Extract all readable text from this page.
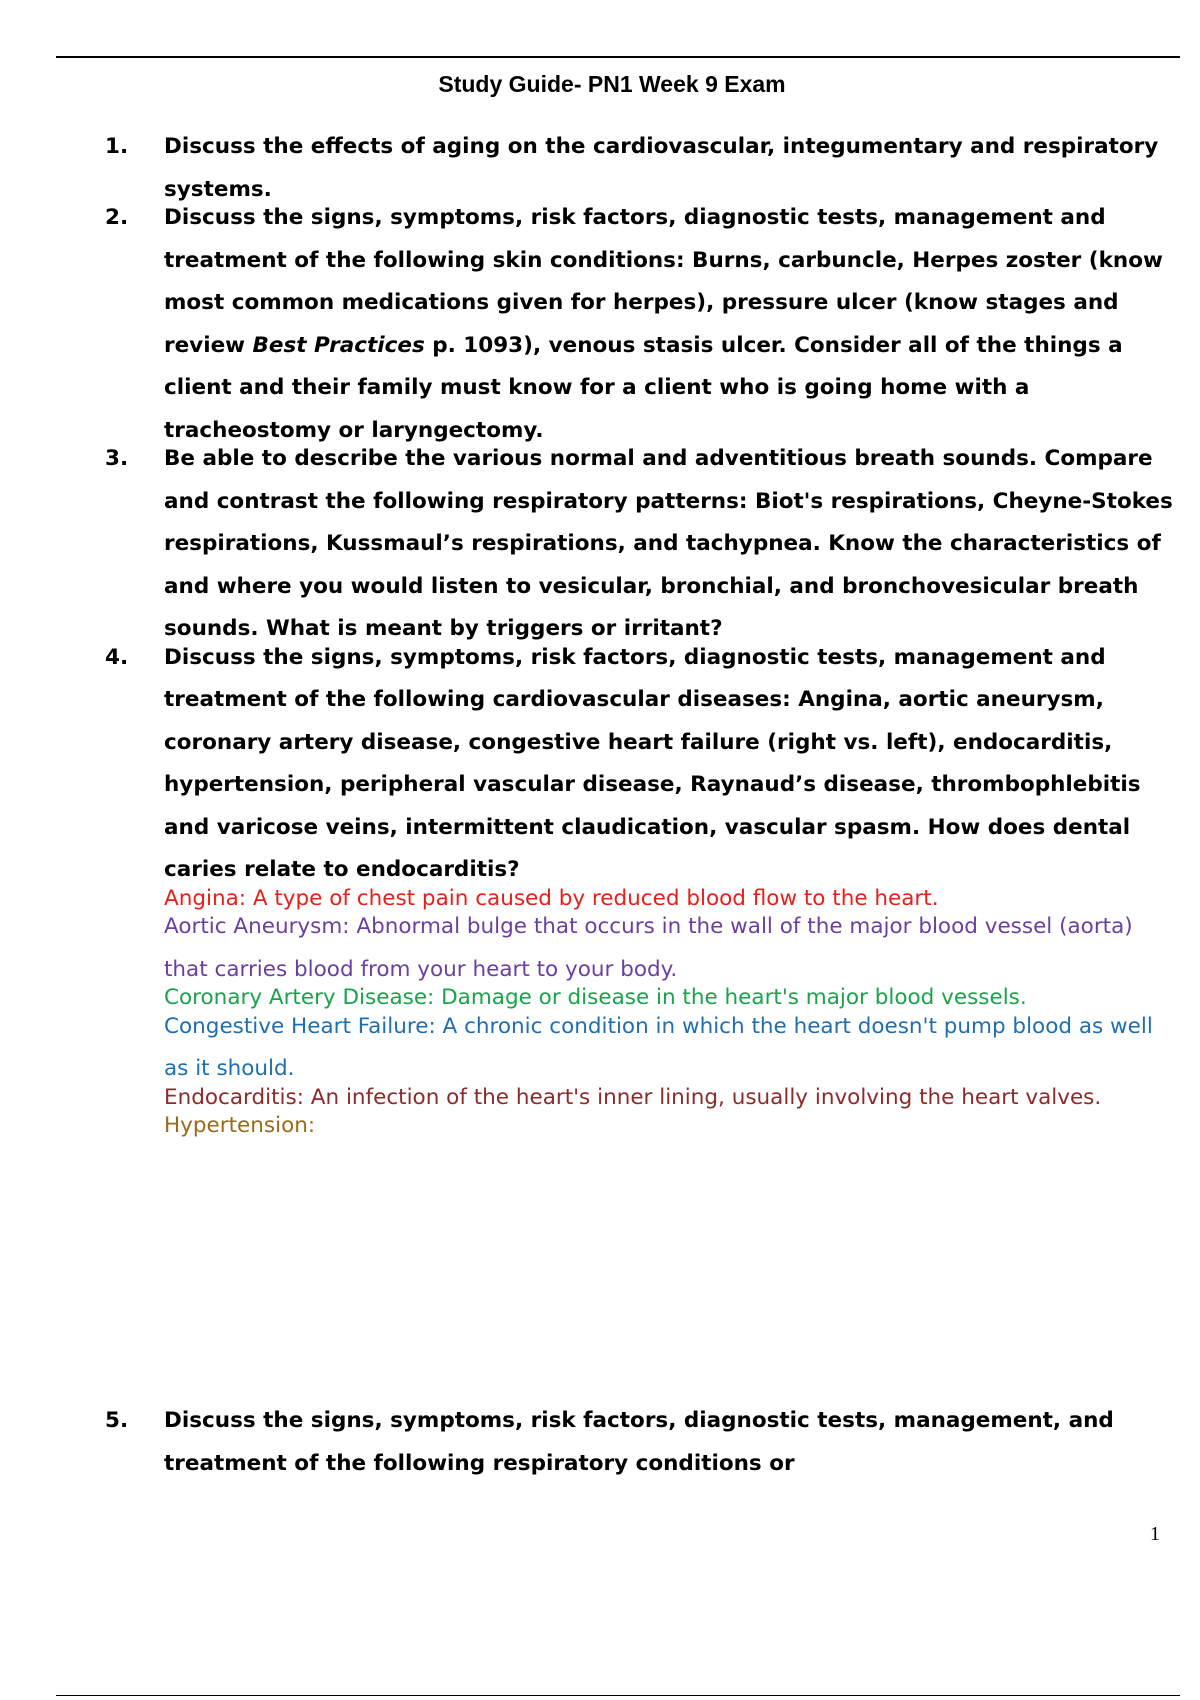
Study Guide- PN1 Week 9 Exam
1. Discuss the effects of aging on the cardiovascular, integumentary and respiratory systems.
2. Discuss the signs, symptoms, risk factors, diagnostic tests, management and treatment of the following skin conditions: Burns, carbuncle, Herpes zoster (know most common medications given for herpes), pressure ulcer (know stages and review Best Practices p. 1093), venous stasis ulcer. Consider all of the things a client and their family must know for a client who is going home with a tracheostomy or laryngectomy.
3. Be able to describe the various normal and adventitious breath sounds. Compare and contrast the following respiratory patterns: Biot's respirations, Cheyne-Stokes respirations, Kussmaul’s respirations, and tachypnea. Know the characteristics of and where you would listen to vesicular, bronchial, and bronchovesicular breath sounds. What is meant by triggers or irritant?
4. Discuss the signs, symptoms, risk factors, diagnostic tests, management and treatment of the following cardiovascular diseases: Angina, aortic aneurysm, coronary artery disease, congestive heart failure (right vs. left), endocarditis, hypertension, peripheral vascular disease, Raynaud’s disease, thrombophlebitis and varicose veins, intermittent claudication, vascular spasm. How does dental caries relate to endocarditis?
Angina: A type of chest pain caused by reduced blood flow to the heart.
Aortic Aneurysm: Abnormal bulge that occurs in the wall of the major blood vessel (aorta) that carries blood from your heart to your body.
Coronary Artery Disease: Damage or disease in the heart's major blood vessels.
Congestive Heart Failure: A chronic condition in which the heart doesn't pump blood as well as it should.
Endocarditis: An infection of the heart's inner lining, usually involving the heart valves.
Hypertension:
5. Discuss the signs, symptoms, risk factors, diagnostic tests, management, and treatment of the following respiratory conditions or
1
